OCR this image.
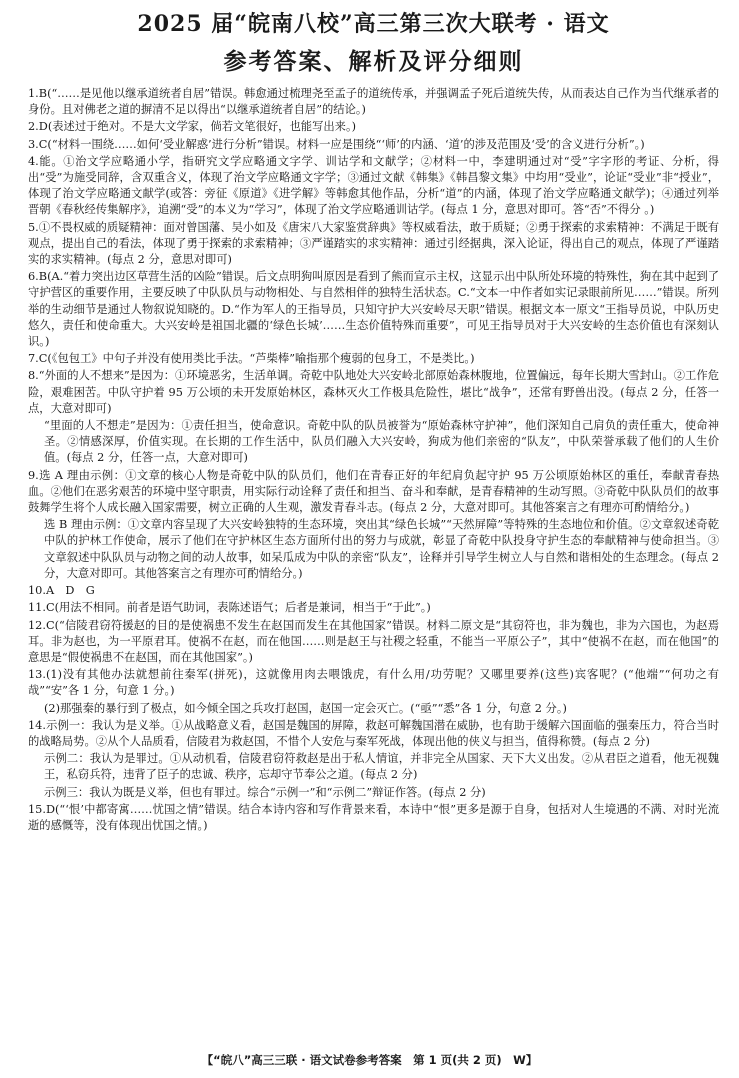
2025 届“皖南八校”高三第三次大联考 · 语文
参考答案、解析及评分细则

1.B(“……是见他以继承道统者自居”错误。韩愈通过梳理尧至孟子的道统传承，并强调孟子死后道统失传，从而表达自己作为当代继承者的身份。且对佛老之道的摒清不足以得出“以继承道统者自居”的结论。)

2.D(表述过于绝对。不是大文学家，倘若文笔很好，也能写出来。)

3.C(“材料一围绕……如何‘受业解惑’进行分析”错误。材料一应是围绕“‘师’的内涵、‘道’的涉及范围及‘受’的含义进行分析”。)

4.能。①治文学应略通小学，指研究文学应略通文字学、训诂学和文献学；②材料一中，李建明通过对“受”字字形的考证、分析，得出“受”为施受同辞，含双重含义，体现了治文学应略通文字学；③通过文献《韩集》《韩昌黎文集》中均用“受业”，论证“受业”非“授业”，体现了治文学应略通文献学(或答：旁征《原道》《进学解》等韩愈其他作品，分析“道”的内涵，体现了治文学应略通文献学)；④通过列举晋朝《春秋经传集解序》，追溯“受”的本义为“学习”，体现了治文学应略通训诂学。(每点 1 分，意思对即可。答“否”不得分 。)

5.①不畏权威的质疑精神：面对曾国藩、吴小如及《唐宋八大家鉴赏辞典》等权威看法，敢于质疑；②勇于探索的求索精神：不满足于既有观点，提出自己的看法，体现了勇于探索的求索精神；③严谨踏实的求实精神：通过引经据典，深入论证，得出自己的观点，体现了严谨踏实的求实精神。(每点 2 分，意思对即可)

6.B(A.“着力突出边区草营生活的凶险”错误。后文点明狗叫原因是看到了熊而宣示主权，这显示出中队所处环境的特殊性，狗在其中起到了守护营区的重要作用，主要反映了中队队员与动物相处、与自然相伴的独特生活状态。C.“文本一中作者如实记录眼前所见……”错误。所列举的生动细节是通过人物叙说知晓的。D.“作为军人的王指导员，只知守护大兴安岭尽天职”错误。根据文本一原文“王指导员说，中队历史悠久，责任和使命重大。大兴安岭是祖国北疆的‘绿色长城’……生态价值特殊而重要”，可见王指导员对于大兴安岭的生态价值也有深刻认识。)

7.C(《包包工》中句子并没有使用类比手法。“芦柴棒”喻指那个瘦弱的包身工，不是类比。)

8.“外面的人不想来”是因为：①环境恶劣，生活单调。奇乾中队地处大兴安岭北部原始森林腹地，位置偏远，每年长期大雪封山。②工作危险，艰难困苦。中队守护着 95 万公顷的未开发原始林区，森林灭火工作极具危险性，堪比“战争”，还常有野兽出没。(每点 2 分，任答一点，大意对即可)

“里面的人不想走”是因为：①责任担当，使命意识。奇乾中队的队员被誉为“原始森林守护神”，他们深知自己肩负的责任重大，使命神圣。②情感深厚，价值实现。在长期的工作生活中，队员们融入大兴安岭，狗成为他们亲密的“队友”，中队荣誉承载了他们的人生价值。(每点 2 分，任答一点，大意对即可)

9.选 A 理由示例：①文章的核心人物是奇乾中队的队员们，他们在青春正好的年纪肩负起守护 95 万公顷原始林区的重任，奉献青春热血。②他们在恶劣艰苦的环境中坚守职责，用实际行动诠释了责任和担当、奋斗和奉献，是青春精神的生动写照。③奇乾中队队员们的故事鼓舞学生将个人成长融入国家需要，树立正确的人生观，激发青春斗志。(每点 2 分，大意对即可。其他答案言之有理亦可酌情给分。)

选 B 理由示例：①文章内容呈现了大兴安岭独特的生态环境，突出其“绿色长城”“天然屏障”等特殊的生态地位和价值。②文章叙述奇乾中队的护林工作使命，展示了他们在守护林区生态方面所付出的努力与成就，彰显了奇乾中队投身守护生态的奉献精神与使命担当。③文章叙述中队队员与动物之间的动人故事，如呆瓜成为中队的亲密“队友”，诠释并引导学生树立人与自然和谐相处的生态理念。(每点 2 分，大意对即可。其他答案言之有理亦可酌情给分。)

10.A　D　G

11.C(用法不相同。前者是语气助词，表陈述语气；后者是兼词，相当于“于此”。)

12.C(“信陵君窃符援赵的目的是使祸患不发生在赵国而发生在其他国家”错误。材料二原文是“其窃符也，非为魏也，非为六国也，为赵焉耳。非为赵也，为一平原君耳。使祸不在赵，而在他国……则是赵王与社稷之轻重，不能当一平原公子”，其中“使祸不在赵，而在他国”的意思是“假使祸患不在赵国，而在其他国家”。)

13.(1)没有其他办法就想前往秦军(拼死)，这就像用肉去喂饿虎，有什么用/功劳呢？又哪里要养(这些)宾客呢？(“他端”“何功之有哉”“安”各 1 分，句意 1 分。)

(2)那强秦的暴行到了极点，如今倾全国之兵攻打赵国，赵国一定会灭亡。(“亟”“悉”各 1 分，句意 2 分。)

14.示例一：我认为是义举。①从战略意义看，赵国是魏国的屏障，救赵可解魏国潜在威胁，也有助于缓解六国面临的强秦压力，符合当时的战略局势。②从个人品质看，信陵君为救赵国，不惜个人安危与秦军死战，体现出他的侠义与担当，值得称赞。(每点 2 分)

示例二：我认为是罪过。①从动机看，信陵君窃符救赵是出于私人情谊，并非完全从国家、天下大义出发。②从君臣之道看，他无视魏王，私窃兵符，违背了臣子的忠诚、秩序，忘却守节奉公之道。(每点 2 分)

示例三：我认为既是义举，但也有罪过。综合“示例一”和“示例二”辩证作答。(每点 2 分)

15.D(“‘恨’中都寄寓……忧国之情”错误。结合本诗内容和写作背景来看，本诗中“恨”更多是源于自身，包括对人生境遇的不满、对时光流逝的感慨等，没有体现出忧国之情。)

【“皖八”高三三联 · 语文试卷参考答案　第 1 页(共 2 页)　W】
